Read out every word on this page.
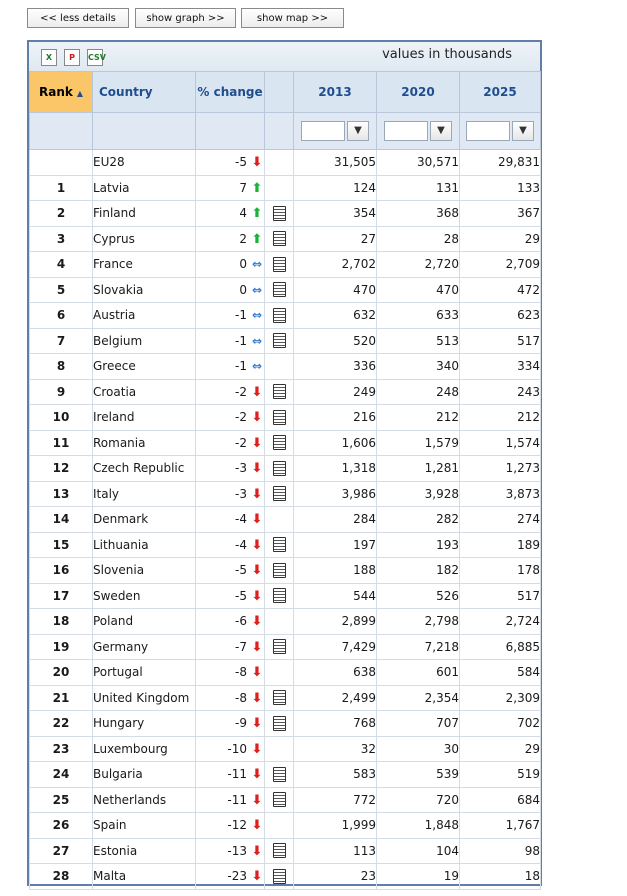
<< less details	show graph >>	show map >>
X	P	CSV	values in thousands
Rank ▲	Country	% change		2013	2020	2025
				▼	▼	▼
	EU28	-5 ⬇		31,505	30,571	29,831
1	Latvia	7 ⬆		124	131	133
2	Finland	4 ⬆		354	368	367
3	Cyprus	2 ⬆		27	28	29
4	France	0 ⇔		2,702	2,720	2,709
5	Slovakia	0 ⇔		470	470	472
6	Austria	-1 ⇔		632	633	623
7	Belgium	-1 ⇔		520	513	517
8	Greece	-1 ⇔		336	340	334
9	Croatia	-2 ⬇		249	248	243
10	Ireland	-2 ⬇		216	212	212
11	Romania	-2 ⬇		1,606	1,579	1,574
12	Czech Republic	-3 ⬇		1,318	1,281	1,273
13	Italy	-3 ⬇		3,986	3,928	3,873
14	Denmark	-4 ⬇		284	282	274
15	Lithuania	-4 ⬇		197	193	189
16	Slovenia	-5 ⬇		188	182	178
17	Sweden	-5 ⬇		544	526	517
18	Poland	-6 ⬇		2,899	2,798	2,724
19	Germany	-7 ⬇		7,429	7,218	6,885
20	Portugal	-8 ⬇		638	601	584
21	United Kingdom	-8 ⬇		2,499	2,354	2,309
22	Hungary	-9 ⬇		768	707	702
23	Luxembourg	-10 ⬇		32	30	29
24	Bulgaria	-11 ⬇		583	539	519
25	Netherlands	-11 ⬇		772	720	684
26	Spain	-12 ⬇		1,999	1,848	1,767
27	Estonia	-13 ⬇		113	104	98
28	Malta	-23 ⬇		23	19	18
